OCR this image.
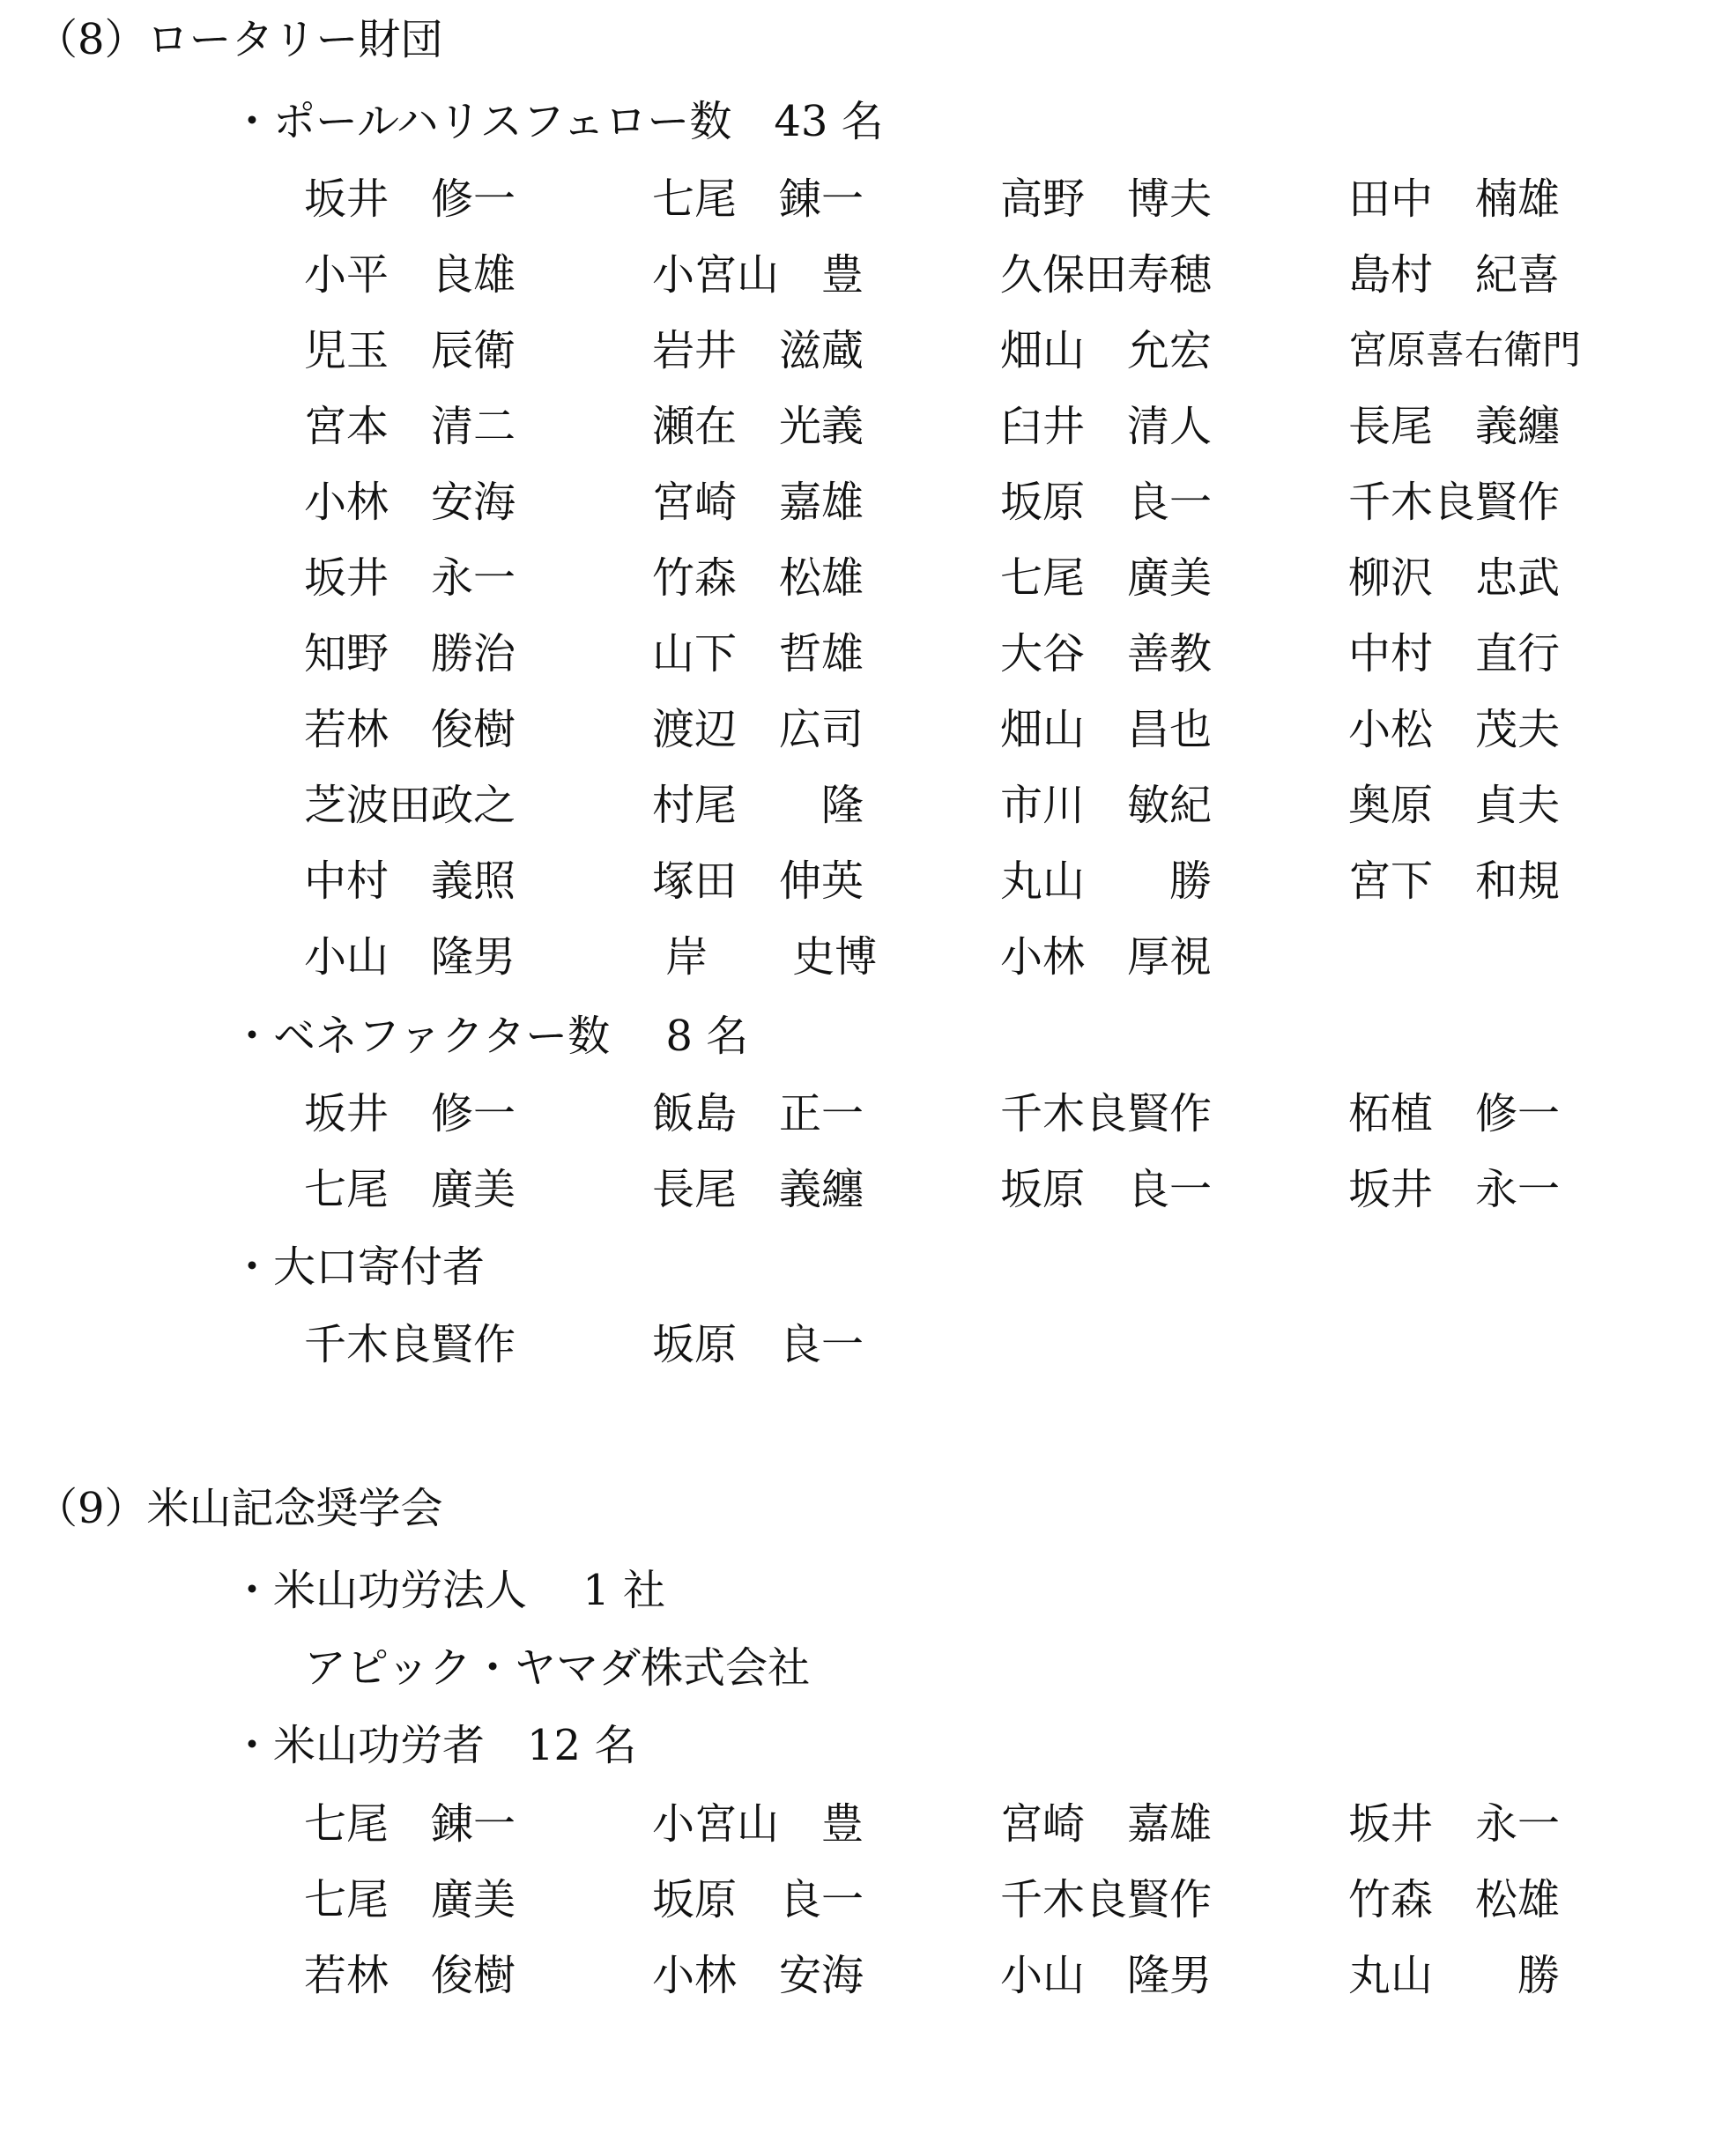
（8）ロータリー財団
・ポールハリスフェロー数　43 名
坂井　修一	七尾　錬一	高野　博夫	田中　楠雄
小平　良雄	小宮山　豊	久保田寿穂	島村　紀喜
児玉　辰衛	岩井　滋蔵	畑山　允宏	宮原喜右衛門
宮本　清二	瀬在　光義	臼井　清人	長尾　義纏
小林　安海	宮崎　嘉雄	坂原　良一	千木良賢作
坂井　永一	竹森　松雄	七尾　廣美	柳沢　忠武
知野　勝治	山下　哲雄	大谷　善教	中村　直行
若林　俊樹	渡辺　広司	畑山　昌也	小松　茂夫
芝波田政之	村尾　　隆	市川　敏紀	奥原　貞夫
中村　義照	塚田　伸英	丸山　　勝	宮下　和規
小山　隆男	岸　　史博	小林　厚視
・ベネファクター数　 8 名
坂井　修一	飯島　正一	千木良賢作	柘植　修一
七尾　廣美	長尾　義纏	坂原　良一	坂井　永一
・大口寄付者
千木良賢作	坂原　良一
（9）米山記念奨学会
・米山功労法人　 1 社
アピック・ヤマダ株式会社
・米山功労者　12 名
七尾　錬一	小宮山　豊	宮崎　嘉雄	坂井　永一
七尾　廣美	坂原　良一	千木良賢作	竹森　松雄
若林　俊樹	小林　安海	小山　隆男	丸山　　勝
